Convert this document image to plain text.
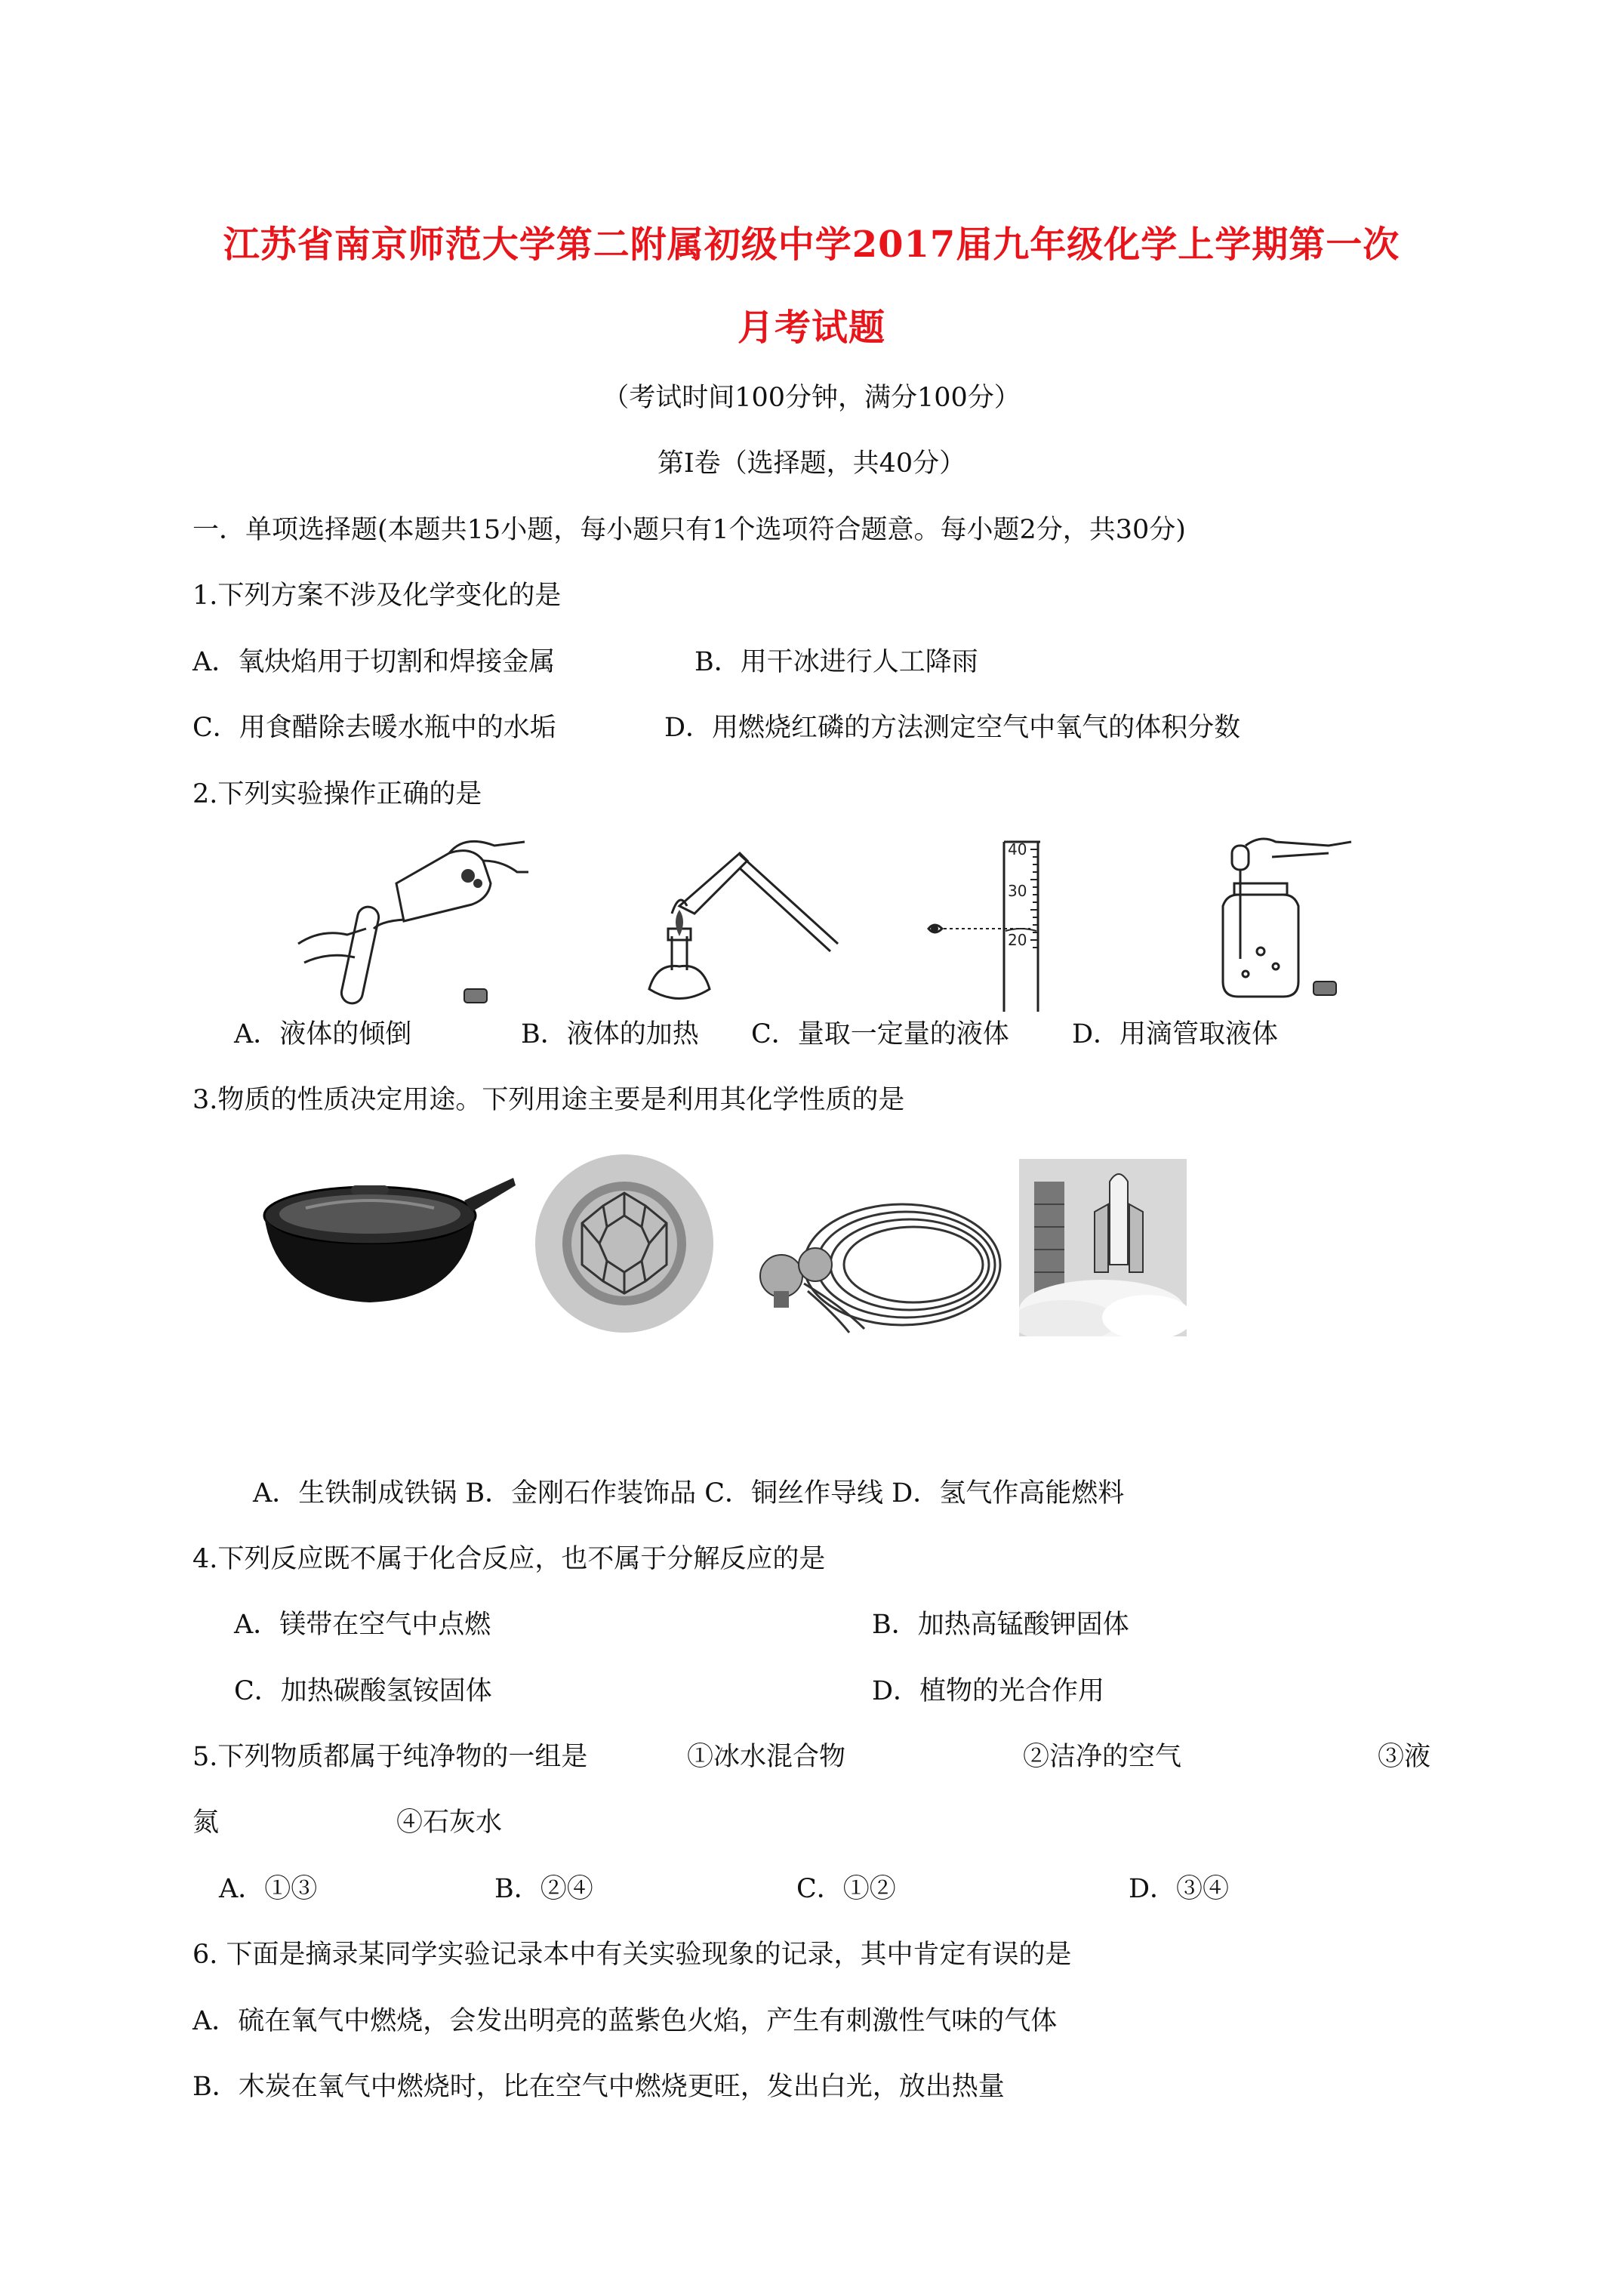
江苏省南京师范大学第二附属初级中学2017届九年级化学上学期第一次
月考试题
（考试时间100分钟，满分100分）
第Ⅰ卷（选择题，共40分）
一．单项选择题(本题共15小题，每小题只有1个选项符合题意。每小题2分，共30分)
1.下列方案不涉及化学变化的是
A．氧炔焰用于切割和焊接金属	B．用干冰进行人工降雨
C．用食醋除去暖水瓶中的水垢	D．用燃烧红磷的方法测定空气中氧气的体积分数
2.下列实验操作正确的是
40
30
20
A．液体的倾倒	B．液体的加热 C．量取一定量的液体 D．用滴管取液体
3.物质的性质决定用途。下列用途主要是利用其化学性质的是
A．生铁制成铁锅 B．金刚石作装饰品 C．铜丝作导线 D．氢气作高能燃料
4.下列反应既不属于化合反应，也不属于分解反应的是
A．镁带在空气中点燃	B．加热高锰酸钾固体
C．加热碳酸氢铵固体	D．植物的光合作用
5.下列物质都属于纯净物的一组是	①冰水混合物	②洁净的空气	③液
氮	④石灰水
A．①③	B．②④	C．①②	D．③④
6. 下面是摘录某同学实验记录本中有关实验现象的记录，其中肯定有误的是
A．硫在氧气中燃烧，会发出明亮的蓝紫色火焰，产生有刺激性气味的气体
B．木炭在氧气中燃烧时，比在空气中燃烧更旺，发出白光，放出热量
